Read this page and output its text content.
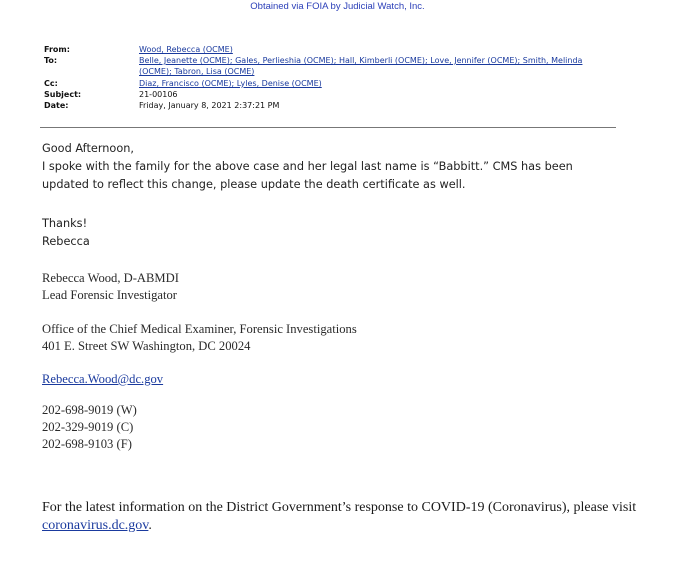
Obtained via FOIA by Judicial Watch, Inc.
From:	Wood, Rebecca (OCME)
To:	Belle, Jeanette (OCME); Gales, Perlieshia (OCME); Hall, Kimberli (OCME); Love, Jennifer (OCME); Smith, Melinda (OCME); Tabron, Lisa (OCME)
Cc:	Diaz, Francisco (OCME); Lyles, Denise (OCME)
Subject:	21-00106
Date:	Friday, January 8, 2021 2:37:21 PM
Good Afternoon,
I spoke with the family for the above case and her legal last name is “Babbitt.” CMS has been updated to reflect this change, please update the death certificate as well.
Thanks!
Rebecca
Rebecca Wood, D-ABMDI
Lead Forensic Investigator
Office of the Chief Medical Examiner, Forensic Investigations
401 E. Street SW Washington, DC 20024
Rebecca.Wood@dc.gov
202-698-9019 (W)
202-329-9019 (C)
202-698-9103 (F)
For the latest information on the District Government’s response to COVID-19 (Coronavirus), please visit coronavirus.dc.gov.
